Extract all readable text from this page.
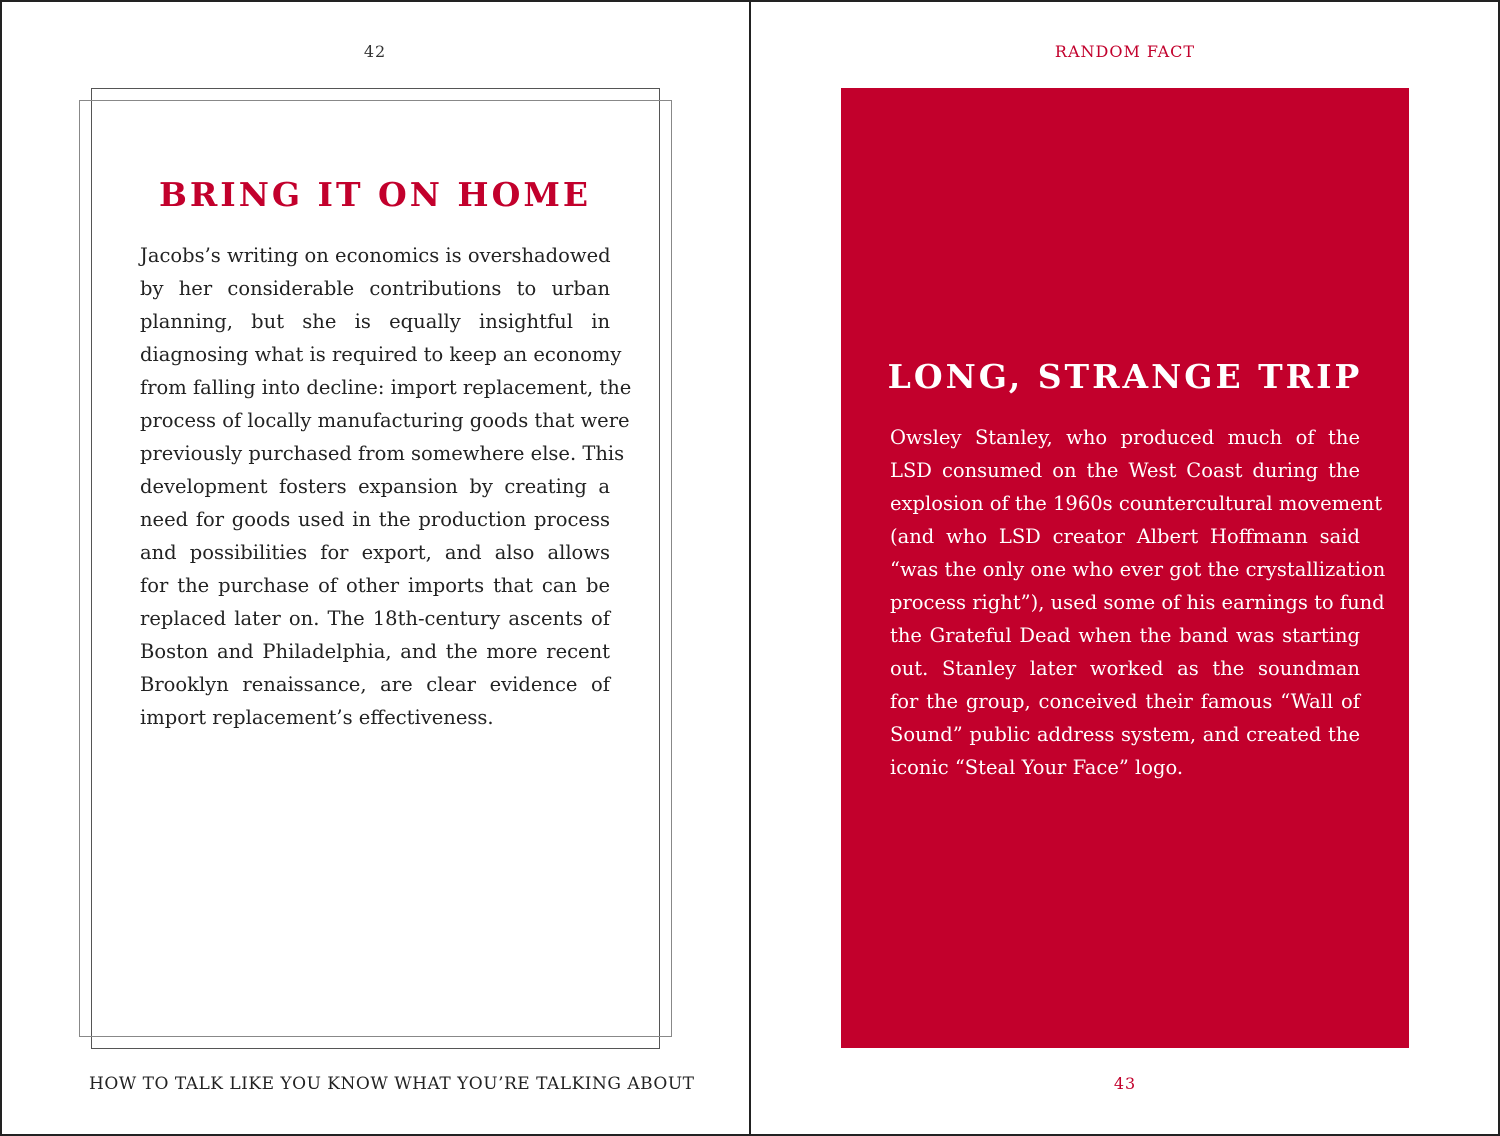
42
BRING IT ON HOME
Jacobs’s writing on economics is overshadowed
by her considerable contributions to urban
planning, but she is equally insightful in
diagnosing what is required to keep an economy
from falling into decline: import replacement, the
process of locally manufacturing goods that were
previously purchased from somewhere else. This
development fosters expansion by creating a
need for goods used in the production process
and possibilities for export, and also allows
for the purchase of other imports that can be
replaced later on. The 18th-century ascents of
Boston and Philadelphia, and the more recent
Brooklyn renaissance, are clear evidence of
import replacement’s effectiveness.
HOW TO TALK LIKE YOU KNOW WHAT YOU’RE TALKING ABOUT
RANDOM FACT
LONG, STRANGE TRIP
Owsley Stanley, who produced much of the
LSD consumed on the West Coast during the
explosion of the 1960s countercultural movement
(and who LSD creator Albert Hoffmann said
“was the only one who ever got the crystallization
process right”), used some of his earnings to fund
the Grateful Dead when the band was starting
out. Stanley later worked as the soundman
for the group, conceived their famous “Wall of
Sound” public address system, and created the
iconic “Steal Your Face” logo.
43
